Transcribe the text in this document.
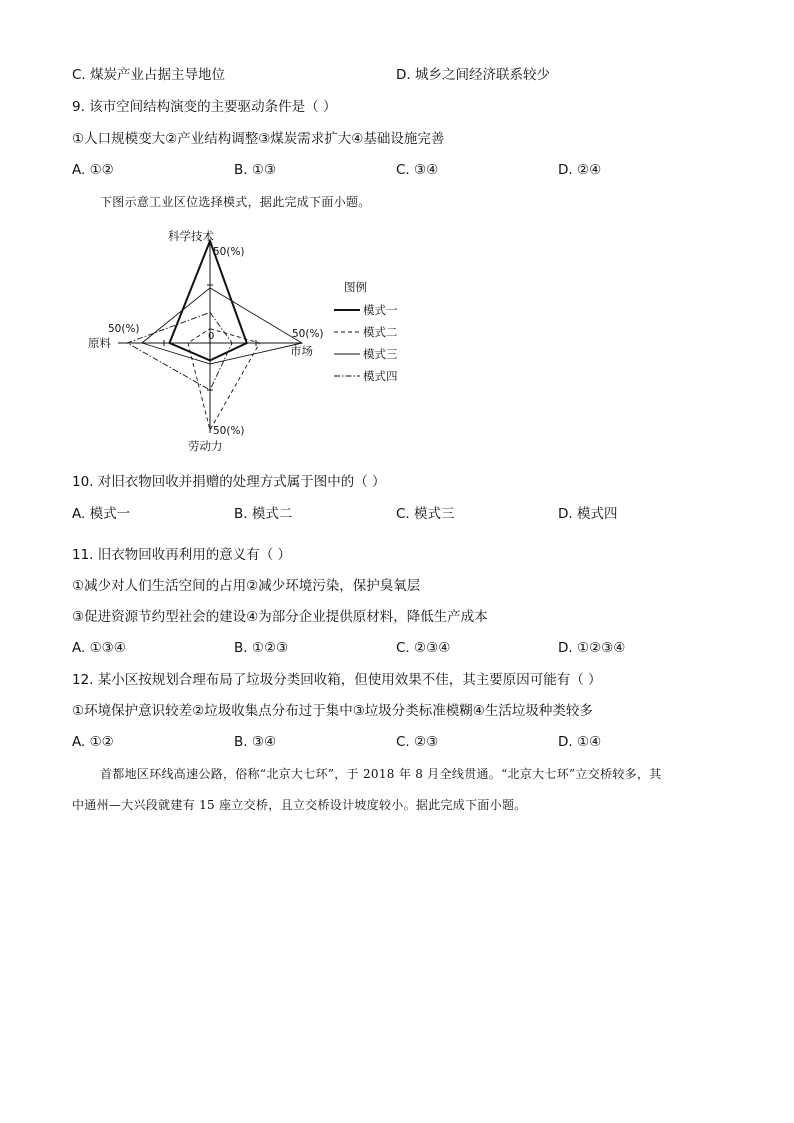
C. 煤炭产业占据主导地位	D. 城乡之间经济联系较少
9. 该市空间结构演变的主要驱动条件是（ ）
①人口规模变大②产业结构调整③煤炭需求扩大④基础设施完善
A. ①②	B. ①③	C. ③④	D. ②④
下图示意工业区位选择模式，据此完成下面小题。
科学技术
50(%)
50(%)
市场
50(%)
劳动力
50(%)
原料	0
图例
模式一
模式二
模式三
模式四
10. 对旧衣物回收并捐赠的处理方式属于图中的（ ）
A. 模式一	B. 模式二	C. 模式三	D. 模式四
11. 旧衣物回收再利用的意义有（ ）
①减少对人们生活空间的占用②减少环境污染，保护臭氧层
③促进资源节约型社会的建设④为部分企业提供原材料，降低生产成本
A. ①③④	B. ①②③	C. ②③④	D. ①②③④
12. 某小区按规划合理布局了垃圾分类回收箱，但使用效果不佳，其主要原因可能有（ ）
①环境保护意识较差②垃圾收集点分布过于集中③垃圾分类标准模糊④生活垃圾种类较多
A. ①②	B. ③④	C. ②③	D. ①④
首都地区环线高速公路，俗称“北京大七环”，于 2018 年 8 月全线贯通。“北京大七环”立交桥较多，其
中通州—大兴段就建有 15 座立交桥，且立交桥设计坡度较小。据此完成下面小题。
